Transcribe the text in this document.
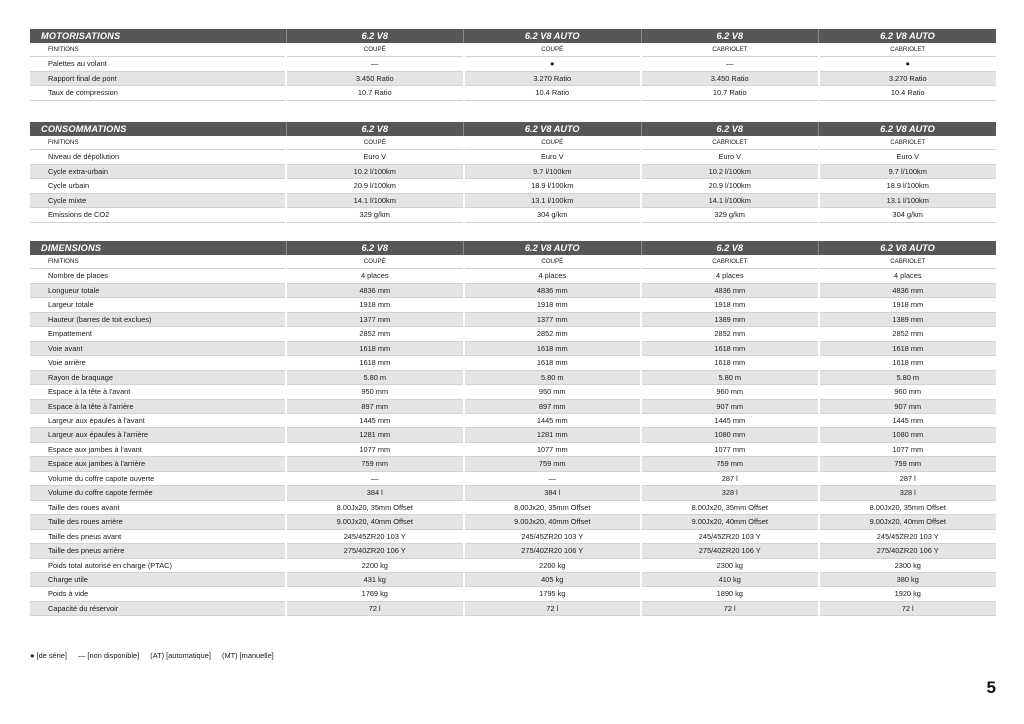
MOTORISATIONS	6.2 V8	6.2 V8 AUTO	6.2 V8	6.2 V8 AUTO
FINITIONS	COUPÉ	COUPÉ	CABRIOLET	CABRIOLET
Palettes au volant	—	●	—	●
Rapport final de pont	3.450 Ratio	3.270 Ratio	3.450 Ratio	3.270 Ratio
Taux de compression	10.7 Ratio	10.4 Ratio	10.7 Ratio	10.4 Ratio
CONSOMMATIONS	6.2 V8	6.2 V8 AUTO	6.2 V8	6.2 V8 AUTO
FINITIONS	COUPÉ	COUPÉ	CABRIOLET	CABRIOLET
Niveau de dépollution	Euro V	Euro V	Euro V	Euro V
Cycle extra-urbain	10.2 l/100km	9.7 l/100km	10.2 l/100km	9.7 l/100km
Cycle urbain	20.9 l/100km	18.9 l/100km	20.9 l/100km	18.9 l/100km
Cycle mixte	14.1 l/100km	13.1 l/100km	14.1 l/100km	13.1 l/100km
Emissions de CO2	329 g/km	304 g/km	329 g/km	304 g/km
DIMENSIONS	6.2 V8	6.2 V8 AUTO	6.2 V8	6.2 V8 AUTO
FINITIONS	COUPÉ	COUPÉ	CABRIOLET	CABRIOLET
Nombre de places	4 places	4 places	4 places	4 places
Longueur totale	4836 mm	4836 mm	4836 mm	4836 mm
Largeur totale	1918 mm	1918 mm	1918 mm	1918 mm
Hauteur (barres de toit exclues)	1377 mm	1377 mm	1389 mm	1389 mm
Empattement	2852 mm	2852 mm	2852 mm	2852 mm
Voie avant	1618 mm	1618 mm	1618 mm	1618 mm
Voie arrière	1618 mm	1618 mm	1618 mm	1618 mm
Rayon de braquage	5.80 m	5.80 m	5.80 m	5.80 m
Espace à la tête à l'avant	950 mm	950 mm	960 mm	960 mm
Espace à la tête à l'arrière	897 mm	897 mm	907 mm	907 mm
Largeur aux épaules à l'avant	1445 mm	1445 mm	1445 mm	1445 mm
Largeur aux épaules à l'arrière	1281 mm	1281 mm	1080 mm	1080 mm
Espace aux jambes à l'avant	1077 mm	1077 mm	1077 mm	1077 mm
Espace aux jambes à l'arrière	759 mm	759 mm	759 mm	759 mm
Volume du coffre capote ouverte	—	—	287 l	287 l
Volume du coffre capote fermée	384 l	384 l	328 l	328 l
Taille des roues avant	8.00Jx20, 35mm Offset	8.00Jx20, 35mm Offset	8.00Jx20, 35mm Offset	8.00Jx20, 35mm Offset
Taille des roues arrière	9.00Jx20, 40mm Offset	9.00Jx20, 40mm Offset	9.00Jx20, 40mm Offset	9.00Jx20, 40mm Offset
Taille des pneus avant	245/45ZR20 103 Y	245/45ZR20 103 Y	245/45ZR20 103 Y	245/45ZR20 103 Y
Taille des pneus arrière	275/40ZR20 106 Y	275/40ZR20 106 Y	275/40ZR20 106 Y	275/40ZR20 106 Y
Poids total autorisé en charge (PTAC)	2200 kg	2200 kg	2300 kg	2300 kg
Charge utile	431 kg	405 kg	410 kg	380 kg
Poids à vide	1769 kg	1795 kg	1890 kg	1920 kg
Capacité du réservoir	72 l	72 l	72 l	72 l
● [de série] — [non disponible] (AT) [automatique] (MT) [manuelle]
5
